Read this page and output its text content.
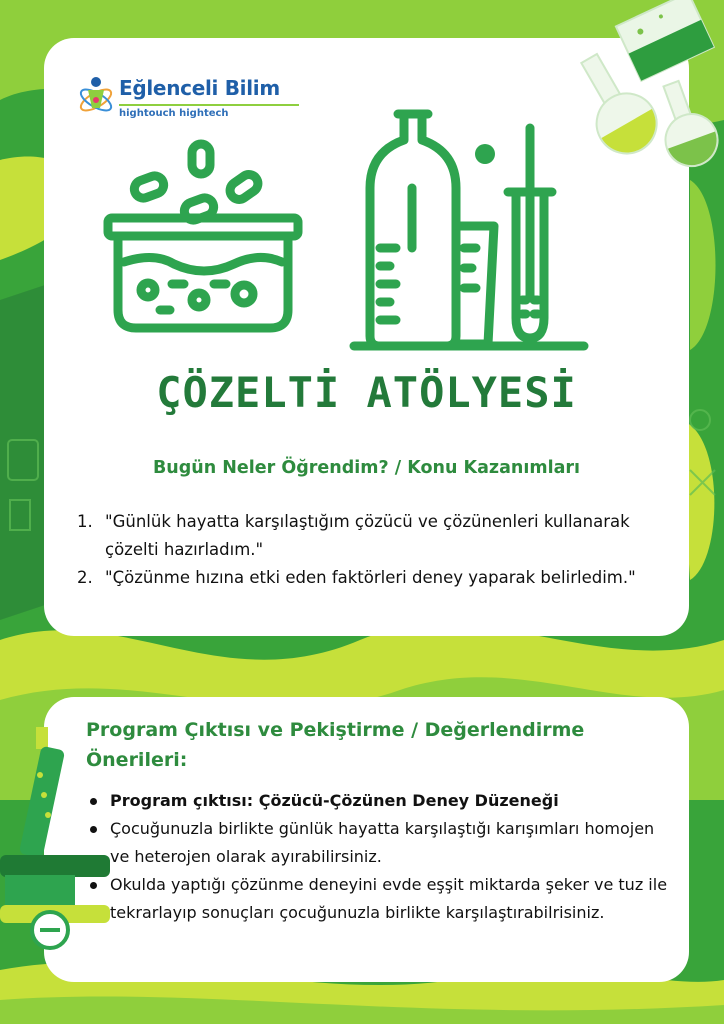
Eğlenceli Bilim
hightouch hightech
ÇÖZELTİ ATÖLYESİ
Bugün Neler Öğrendim? / Konu Kazanımları
1. "Günlük hayatta karşılaştığım çözücü ve çözünenleri kullanarak çözelti hazırladım."
2. "Çözünme hızına etki eden faktörleri deney yaparak belirledim."
Program Çıktısı ve Pekiştirme / Değerlendirme Önerileri:
Program çıktısı: Çözücü-Çözünen Deney Düzeneği
Çocuğunuzla birlikte günlük hayatta karşılaştığı karışımları homojen ve heterojen olarak ayırabilirsiniz.
Okulda yaptığı çözünme deneyini evde eşşit miktarda şeker ve tuz ile tekrarlayıp sonuçları çocuğunuzla birlikte karşılaştırabilrisiniz.
